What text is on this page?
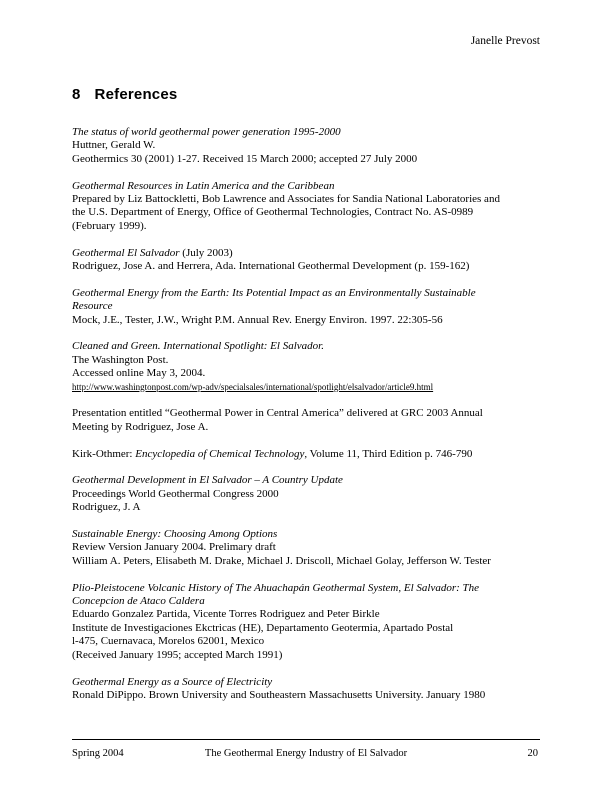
Janelle Prevost
8 References
The status of world geothermal power generation 1995-2000
Huttner, Gerald W.
Geothermics 30 (2001) 1-27. Received 15 March 2000; accepted 27 July 2000
Geothermal Resources in Latin America and the Caribbean
Prepared by Liz Battockletti, Bob Lawrence and Associates for Sandia National Laboratories and
the U.S. Department of Energy, Office of Geothermal Technologies, Contract No. AS-0989
(February 1999).
Geothermal El Salvador (July 2003)
Rodriguez, Jose A. and Herrera, Ada. International Geothermal Development (p. 159-162)
Geothermal Energy from the Earth: Its Potential Impact as an Environmentally Sustainable
Resource
Mock, J.E., Tester, J.W., Wright P.M. Annual Rev. Energy Environ. 1997. 22:305-56
Cleaned and Green. International Spotlight: El Salvador.
The Washington Post.
Accessed online May 3, 2004.
http://www.washingtonpost.com/wp-adv/specialsales/international/spotlight/elsalvador/article9.html
Presentation entitled “Geothermal Power in Central America” delivered at GRC 2003 Annual
Meeting by Rodriguez, Jose A.
Kirk-Othmer: Encyclopedia of Chemical Technology, Volume 11, Third Edition p. 746-790
Geothermal Development in El Salvador – A Country Update
Proceedings World Geothermal Congress 2000
Rodriguez, J. A
Sustainable Energy: Choosing Among Options
Review Version January 2004. Prelimary draft
William A. Peters, Elisabeth M. Drake, Michael J. Driscoll, Michael Golay, Jefferson W. Tester
Plio-Pleistocene Volcanic History of The Ahuachapán Geothermal System, El Salvador: The
Concepcion de Ataco Caldera
Eduardo Gonzalez Partida, Vicente Torres Rodriguez and Peter Birkle
Institute de Investigaciones Ekctricas (HE), Departamento Geotermia, Apartado Postal
l-475, Cuernavaca, Morelos 62001, Mexico
(Received January 1995; accepted March 1991)
Geothermal Energy as a Source of Electricity
Ronald DiPippo. Brown University and Southeastern Massachusetts University. January 1980
The Geothermal Energy Industry of El Salvador
Spring 2004	20
